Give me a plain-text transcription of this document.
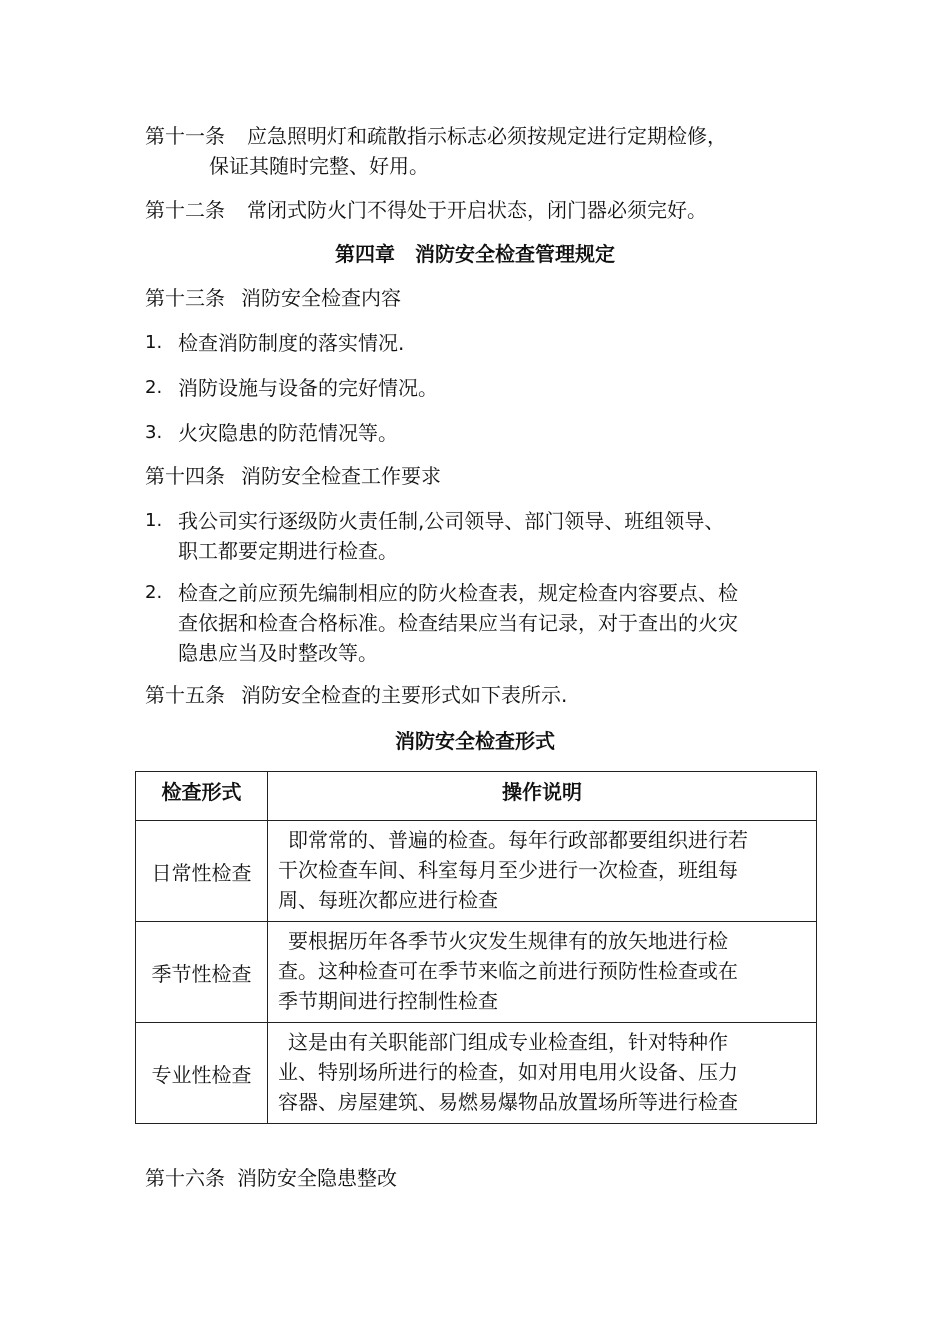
第十一条 应急照明灯和疏散指示标志必须按规定进行定期检修，
保证其随时完整、好用。
第十二条 常闭式防火门不得处于开启状态，闭门器必须完好。
第四章　消防安全检查管理规定
第十三条 消防安全检查内容
1. 检查消防制度的落实情况.
2. 消防设施与设备的完好情况。
3. 火灾隐患的防范情况等。
第十四条 消防安全检查工作要求
1. 我公司实行逐级防火责任制,公司领导、部门领导、班组领导、
职工都要定期进行检查。
2. 检查之前应预先编制相应的防火检查表，规定检查内容要点、检
查依据和检查合格标准。检查结果应当有记录，对于查出的火灾
隐患应当及时整改等。
第十五条 消防安全检查的主要形式如下表所示.
消防安全检查形式
检查形式	操作说明
日常性检查	即常常的、普遍的检查。每年行政部都要组织进行若
干次检查车间、科室每月至少进行一次检查，班组每
周、每班次都应进行检查

季节性检查	要根据历年各季节火灾发生规律有的放矢地进行检
查。这种检查可在季节来临之前进行预防性检查或在
季节期间进行控制性检查

专业性检查	这是由有关职能部门组成专业检查组，针对特种作
业、特别场所进行的检查，如对用电用火设备、压力
容器、房屋建筑、易燃易爆物品放置场所等进行检查
第十六条 消防安全隐患整改
